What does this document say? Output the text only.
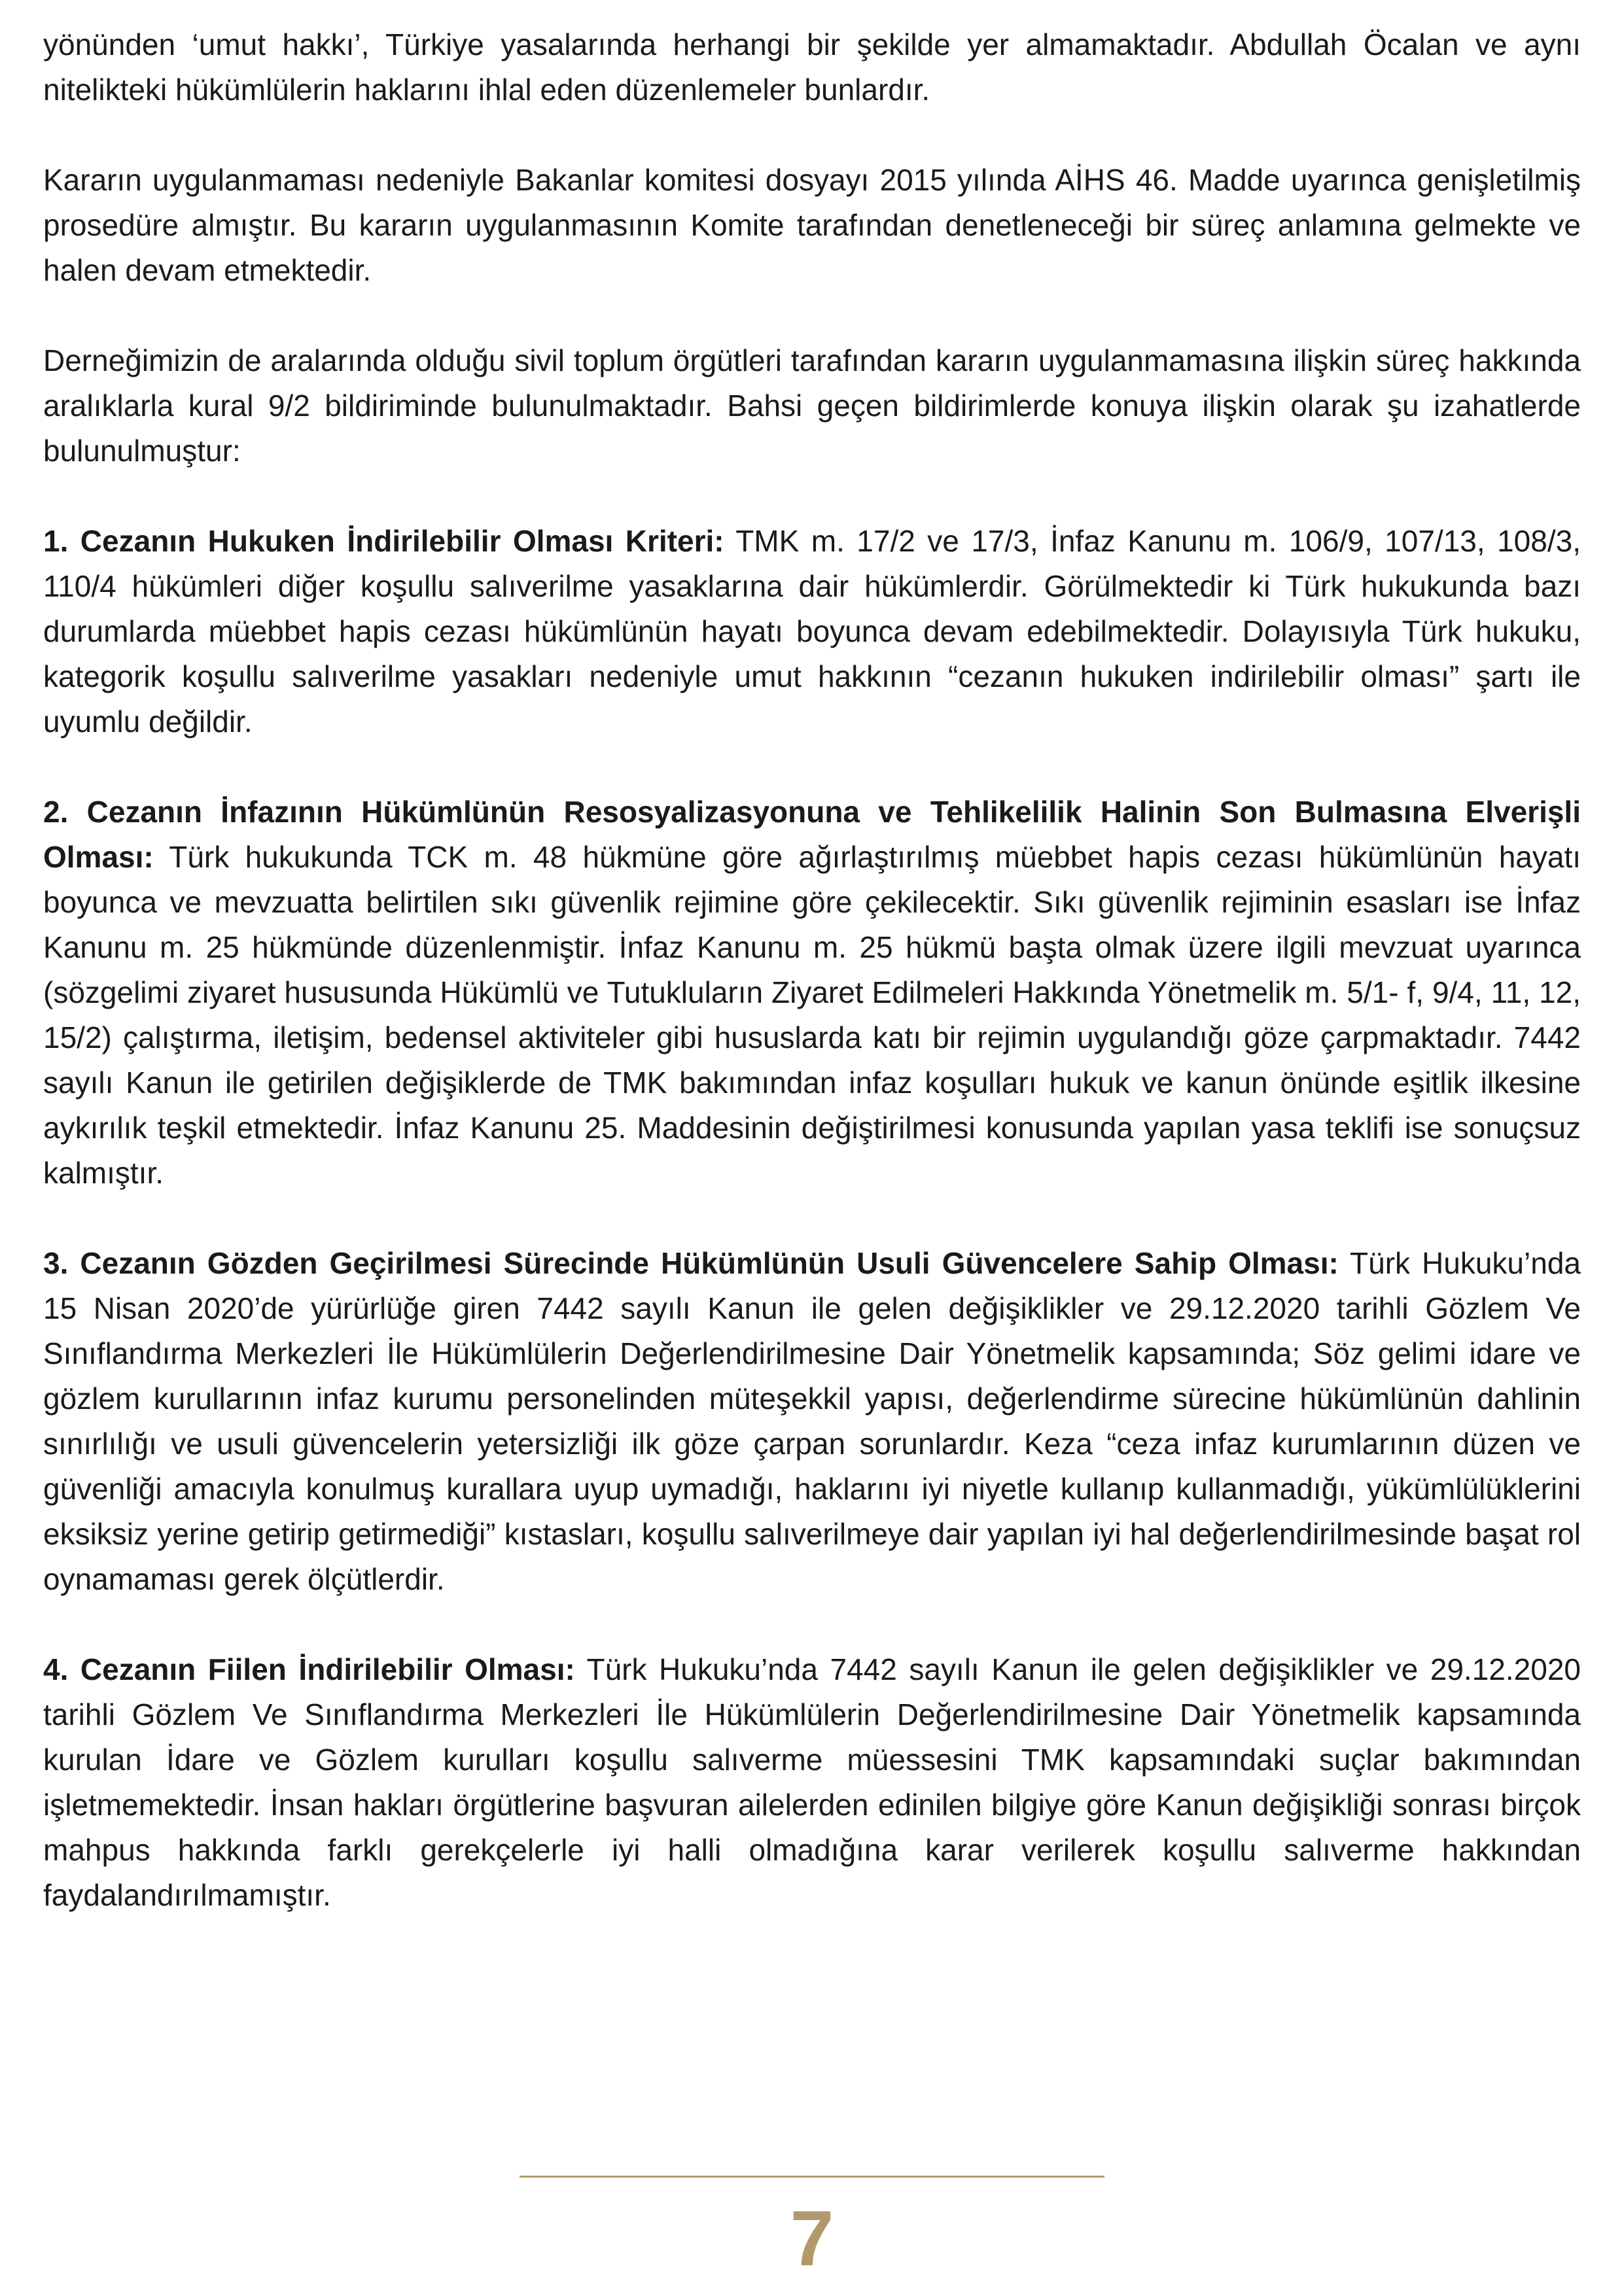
yönünden ‘umut hakkı’, Türkiye yasalarında herhangi bir şekilde yer almamaktadır. Abdullah Öcalan ve aynı nitelikteki hükümlülerin haklarını ihlal eden düzenlemeler bunlardır.

Kararın uygulanmaması nedeniyle Bakanlar komitesi dosyayı 2015 yılında AİHS 46. Madde uyarınca genişletilmiş prosedüre almıştır. Bu kararın uygulanmasının Komite tarafından denetleneceği bir süreç anlamına gelmekte ve halen devam etmektedir.

Derneğimizin de aralarında olduğu sivil toplum örgütleri tarafından kararın uygulanmamasına ilişkin süreç hakkında aralıklarla kural 9/2 bildiriminde bulunulmaktadır. Bahsi geçen bildirimlerde konuya ilişkin olarak şu izahatlerde bulunulmuştur:

1. Cezanın Hukuken İndirilebilir Olması Kriteri: TMK m. 17/2 ve 17/3, İnfaz Kanunu m. 106/9, 107/13, 108/3, 110/4 hükümleri diğer koşullu salıverilme yasaklarına dair hükümlerdir. Görülmektedir ki Türk hukukunda bazı durumlarda müebbet hapis cezası hükümlünün hayatı boyunca devam edebilmektedir. Dolayısıyla Türk hukuku, kategorik koşullu salıverilme yasakları nedeniyle umut hakkının “cezanın hukuken indirilebilir olması” şartı ile uyumlu değildir.

2. Cezanın İnfazının Hükümlünün Resosyalizasyonuna ve Tehlikelilik Halinin Son Bulmasına Elverişli Olması: Türk hukukunda TCK m. 48 hükmüne göre ağırlaştırılmış müebbet hapis cezası hükümlünün hayatı boyunca ve mevzuatta belirtilen sıkı güvenlik rejimine göre çekilecektir. Sıkı güvenlik rejiminin esasları ise İnfaz Kanunu m. 25 hükmünde düzenlenmiştir. İnfaz Kanunu m. 25 hükmü başta olmak üzere ilgili mevzuat uyarınca (sözgelimi ziyaret hususunda Hükümlü ve Tutukluların Ziyaret Edilmeleri Hakkında Yönetmelik m. 5/1- f, 9/4, 11, 12, 15/2) çalıştırma, iletişim, bedensel aktiviteler gibi hususlarda katı bir rejimin uygulandığı göze çarpmaktadır. 7442 sayılı Kanun ile getirilen değişiklerde de TMK bakımından infaz koşulları hukuk ve kanun önünde eşitlik ilkesine aykırılık teşkil etmektedir. İnfaz Kanunu 25. Maddesinin değiştirilmesi konusunda yapılan yasa teklifi ise sonuçsuz kalmıştır.

3. Cezanın Gözden Geçirilmesi Sürecinde Hükümlünün Usuli Güvencelere Sahip Olması: Türk Hukuku’nda 15 Nisan 2020’de yürürlüğe giren 7442 sayılı Kanun ile gelen değişiklikler ve 29.12.2020 tarihli Gözlem Ve Sınıflandırma Merkezleri İle Hükümlülerin Değerlendirilmesine Dair Yönetmelik kapsamında; Söz gelimi idare ve gözlem kurullarının infaz kurumu personelinden müteşekkil yapısı, değerlendirme sürecine hükümlünün dahlinin sınırlılığı ve usuli güvencelerin yetersizliği ilk göze çarpan sorunlardır. Keza “ceza infaz kurumlarının düzen ve güvenliği amacıyla konulmuş kurallara uyup uymadığı, haklarını iyi niyetle kullanıp kullanmadığı, yükümlülüklerini eksiksiz yerine getirip getirmediği” kıstasları, koşullu salıverilmeye dair yapılan iyi hal değerlendirilmesinde başat rol oynamaması gerek ölçütlerdir.

4. Cezanın Fiilen İndirilebilir Olması: Türk Hukuku’nda 7442 sayılı Kanun ile gelen değişiklikler ve 29.12.2020 tarihli Gözlem Ve Sınıflandırma Merkezleri İle Hükümlülerin Değerlendirilmesine Dair Yönetmelik kapsamında kurulan İdare ve Gözlem kurulları koşullu salıverme müessesini TMK kapsamındaki suçlar bakımından işletmemektedir. İnsan hakları örgütlerine başvuran ailelerden edinilen bilgiye göre Kanun değişikliği sonrası birçok mahpus hakkında farklı gerekçelerle iyi halli olmadığına karar verilerek koşullu salıverme hakkından faydalandırılmamıştır.

7
